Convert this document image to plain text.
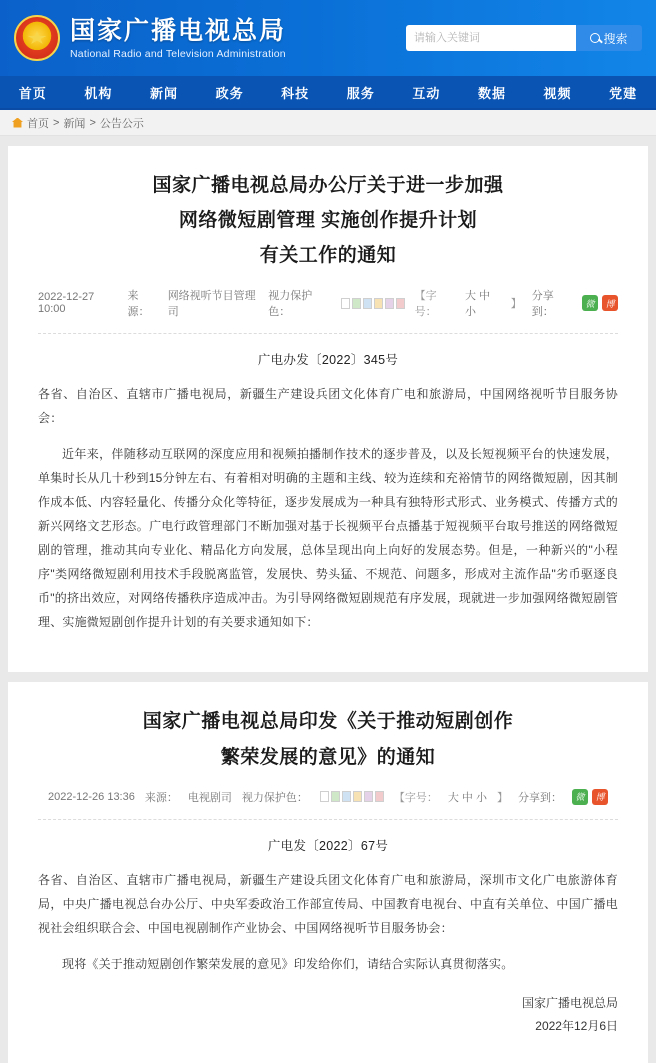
国家广播电视总局
National Radio and Television Administration
请输入关键词
搜索
首页	机构	新闻	政务	科技	服务	互动	数据	视频	党建
首页 > 新闻 > 公告公示
国家广播电视总局办公厅关于进一步加强
网络微短剧管理 实施创作提升计划
有关工作的通知
2022-12-27 10:00
来源：
网络视听节目管理司
视力保护色：
【字号：
大 中 小
】
分享到：
微	博
广电办发〔2022〕345号

各省、自治区、直辖市广播电视局，新疆生产建设兵团文化体育广电和旅游局，中国网络视听节目服务协会：

近年来，伴随移动互联网的深度应用和视频拍播制作技术的逐步普及，以及长短视频平台的快速发展，单集时长从几十秒到15分钟左右、有着相对明确的主题和主线、较为连续和充裕情节的网络微短剧，因其制作成本低、内容轻量化、传播分众化等特征，逐步发展成为一种具有独特形式形式、业务模式、传播方式的新兴网络文艺形态。广电行政管理部门不断加强对基于长视频平台点播基于短视频平台取号推送的网络微短剧的管理，推动其向专业化、精品化方向发展，总体呈现出向上向好的发展态势。但是，一种新兴的"小程序"类网络微短剧利用技术手段脱离监管，发展快、势头猛、不规范、问题多，形成对主流作品"劣币驱逐良币"的挤出效应，对网络传播秩序造成冲击。为引导网络微短剧规范有序发展，现就进一步加强网络微短剧管理、实施微短剧创作提升计划的有关要求通知如下：

国家广播电视总局印发《关于推动短剧创作
繁荣发展的意见》的通知
2022-12-26 13:36 来源： 电视剧司 视力保护色：	【字号： 大 中 小 】 分享到：	微	博
广电发〔2022〕67号

各省、自治区、直辖市广播电视局，新疆生产建设兵团文化体育广电和旅游局，深圳市文化广电旅游体育局，中央广播电视总台办公厅、中央军委政治工作部宣传局、中国教育电视台、中直有关单位、中国广播电视社会组织联合会、中国电视剧制作产业协会、中国网络视听节目服务协会：

现将《关于推动短剧创作繁荣发展的意见》印发给你们，请结合实际认真贯彻落实。

国家广播电视总局
2022年12月6日
